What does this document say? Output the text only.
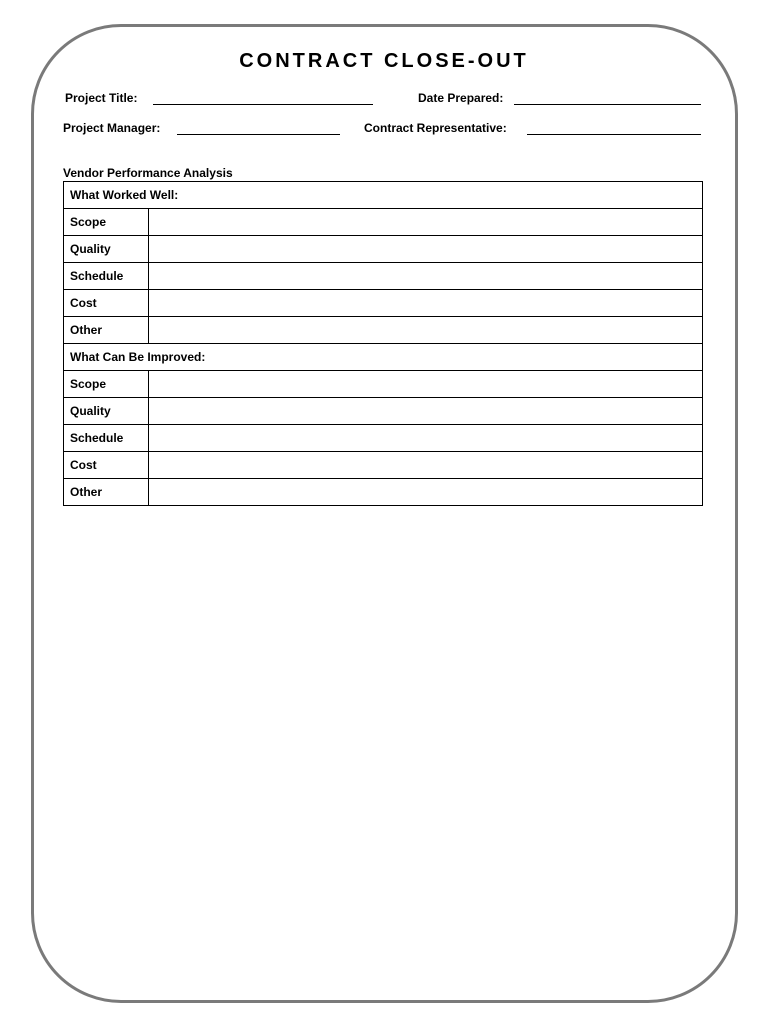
CONTRACT CLOSE-OUT
Project Title:	Date Prepared:
Project Manager:	Contract Representative:
Vendor Performance Analysis
What Worked Well:	
Scope	
Quality	
Schedule	
Cost	
Other	
What Can Be Improved:	
Scope	
Quality	
Schedule	
Cost	
Other	
